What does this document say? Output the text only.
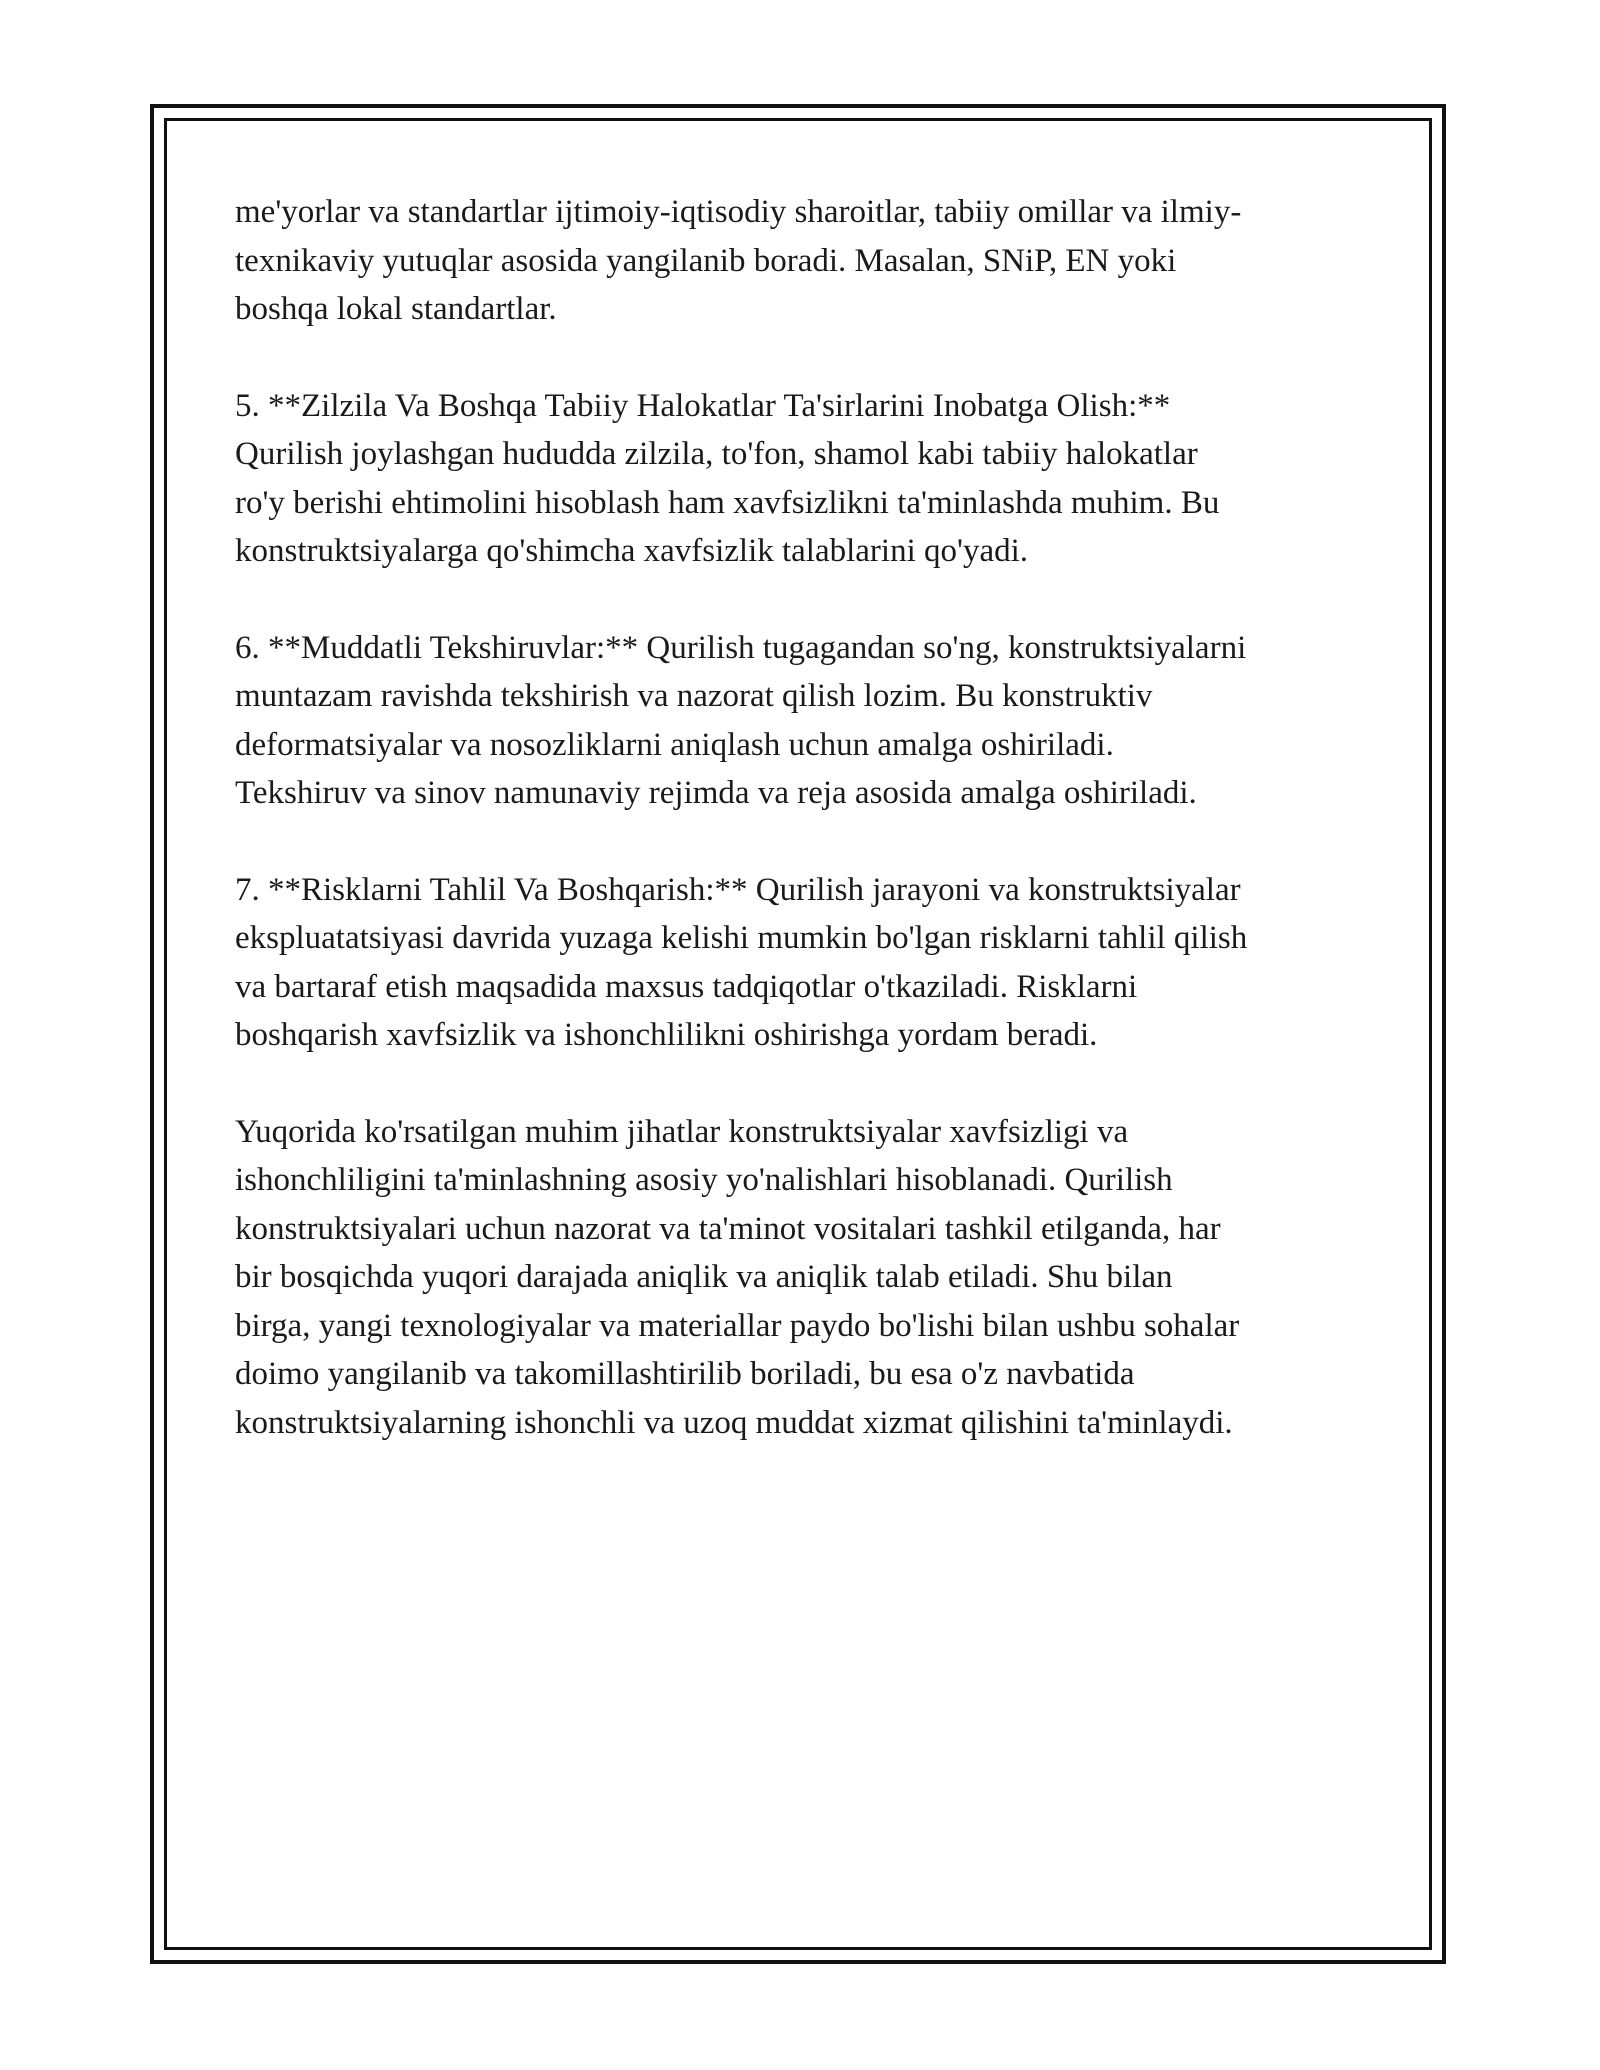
me'yorlar va standartlar ijtimoiy-iqtisodiy sharoitlar, tabiiy omillar va ilmiy-
texnikaviy yutuqlar asosida yangilanib boradi. Masalan, SNiP, EN yoki
boshqa lokal standartlar.

5. **Zilzila Va Boshqa Tabiiy Halokatlar Ta'sirlarini Inobatga Olish:**
Qurilish joylashgan hududda zilzila, to'fon, shamol kabi tabiiy halokatlar
ro'y berishi ehtimolini hisoblash ham xavfsizlikni ta'minlashda muhim. Bu
konstruktsiyalarga qo'shimcha xavfsizlik talablarini qo'yadi.

6. **Muddatli Tekshiruvlar:** Qurilish tugagandan so'ng, konstruktsiyalarni
muntazam ravishda tekshirish va nazorat qilish lozim. Bu konstruktiv
deformatsiyalar va nosozliklarni aniqlash uchun amalga oshiriladi.
Tekshiruv va sinov namunaviy rejimda va reja asosida amalga oshiriladi.

7. **Risklarni Tahlil Va Boshqarish:** Qurilish jarayoni va konstruktsiyalar
ekspluatatsiyasi davrida yuzaga kelishi mumkin bo'lgan risklarni tahlil qilish
va bartaraf etish maqsadida maxsus tadqiqotlar o'tkaziladi. Risklarni
boshqarish xavfsizlik va ishonchlilikni oshirishga yordam beradi.

Yuqorida ko'rsatilgan muhim jihatlar konstruktsiyalar xavfsizligi va
ishonchliligini ta'minlashning asosiy yo'nalishlari hisoblanadi. Qurilish
konstruktsiyalari uchun nazorat va ta'minot vositalari tashkil etilganda, har
bir bosqichda yuqori darajada aniqlik va aniqlik talab etiladi. Shu bilan
birga, yangi texnologiyalar va materiallar paydo bo'lishi bilan ushbu sohalar
doimo yangilanib va takomillashtirilib boriladi, bu esa o'z navbatida
konstruktsiyalarning ishonchli va uzoq muddat xizmat qilishini ta'minlaydi.
